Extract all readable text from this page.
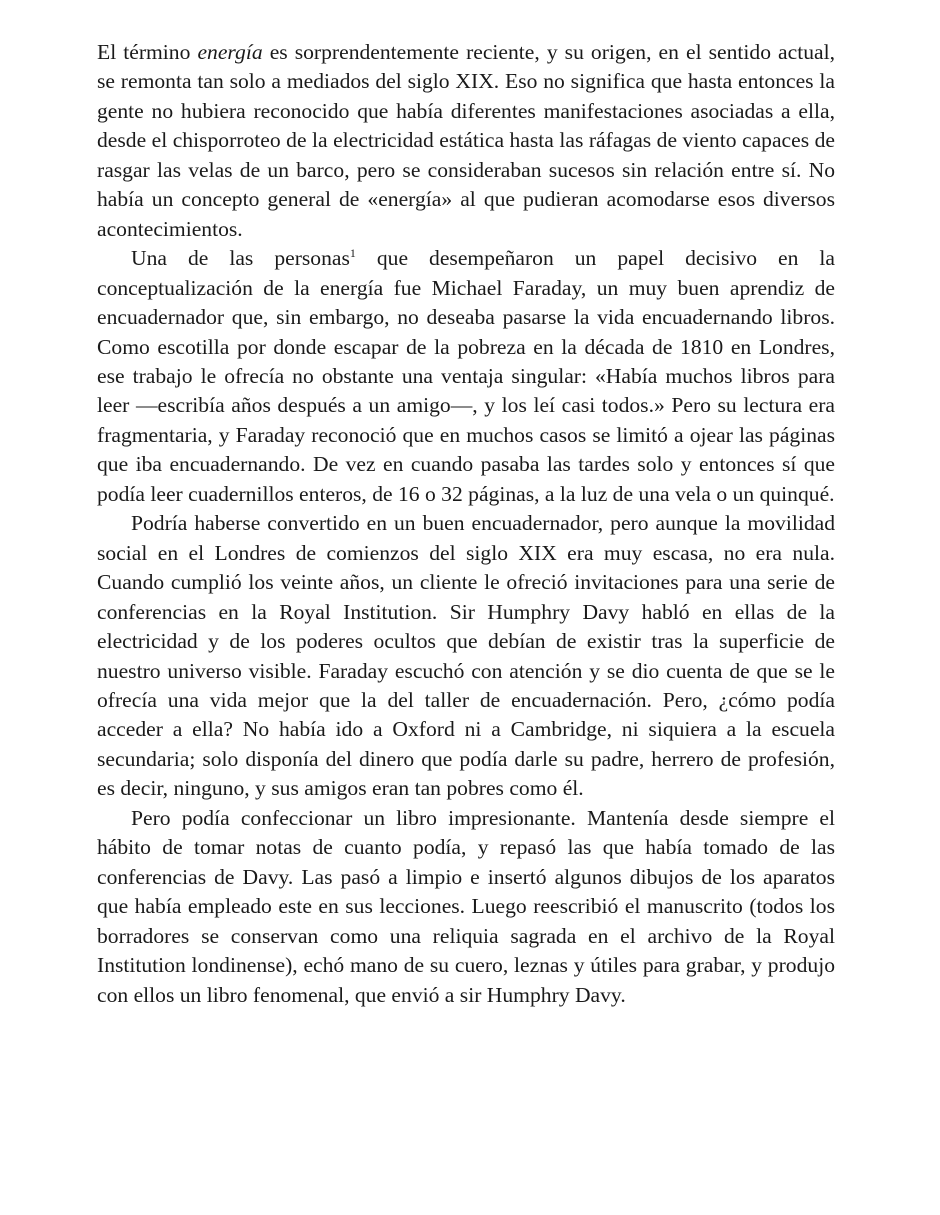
El término energía es sorprendentemente reciente, y su origen, en el sentido actual, se remonta tan solo a mediados del siglo XIX. Eso no significa que hasta entonces la gente no hubiera reconocido que había diferentes manifestaciones asociadas a ella, desde el chisporroteo de la electricidad estática hasta las ráfagas de viento capaces de rasgar las velas de un barco, pero se consideraban sucesos sin relación entre sí. No había un concepto general de «energía» al que pudieran acomodarse esos diversos acontecimientos.

Una de las personas$^1$ que desempeñaron un papel decisivo en la conceptualización de la energía fue Michael Faraday, un muy buen aprendiz de encuadernador que, sin embargo, no deseaba pasarse la vida encuadernando libros. Como escotilla por donde escapar de la pobreza en la década de 1810 en Londres, ese trabajo le ofrecía no obstante una ventaja singular: «Había muchos libros para leer —escribía años después a un amigo—, y los leí casi todos.» Pero su lectura era fragmentaria, y Faraday reconoció que en muchos casos se limitó a ojear las páginas que iba encuadernando. De vez en cuando pasaba las tardes solo y entonces sí que podía leer cuadernillos enteros, de 16 o 32 páginas, a la luz de una vela o un quinqué.

Podría haberse convertido en un buen encuadernador, pero aunque la movilidad social en el Londres de comienzos del siglo XIX era muy escasa, no era nula. Cuando cumplió los veinte años, un cliente le ofreció invitaciones para una serie de conferencias en la Royal Institution. Sir Humphry Davy habló en ellas de la electricidad y de los poderes ocultos que debían de existir tras la superficie de nuestro universo visible. Faraday escuchó con atención y se dio cuenta de que se le ofrecía una vida mejor que la del taller de encuadernación. Pero, ¿cómo podía acceder a ella? No había ido a Oxford ni a Cambridge, ni siquiera a la escuela secundaria; solo disponía del dinero que podía darle su padre, herrero de profesión, es decir, ninguno, y sus amigos eran tan pobres como él.

Pero podía confeccionar un libro impresionante. Mantenía desde siempre el hábito de tomar notas de cuanto podía, y repasó las que había tomado de las conferencias de Davy. Las pasó a limpio e insertó algunos dibujos de los aparatos que había empleado este en sus lecciones. Luego reescribió el manuscrito (todos los borradores se conservan como una reliquia sagrada en el archivo de la Royal Institution londinense), echó mano de su cuero, leznas y útiles para grabar, y produjo con ellos un libro fenomenal, que envió a sir Humphry Davy.
